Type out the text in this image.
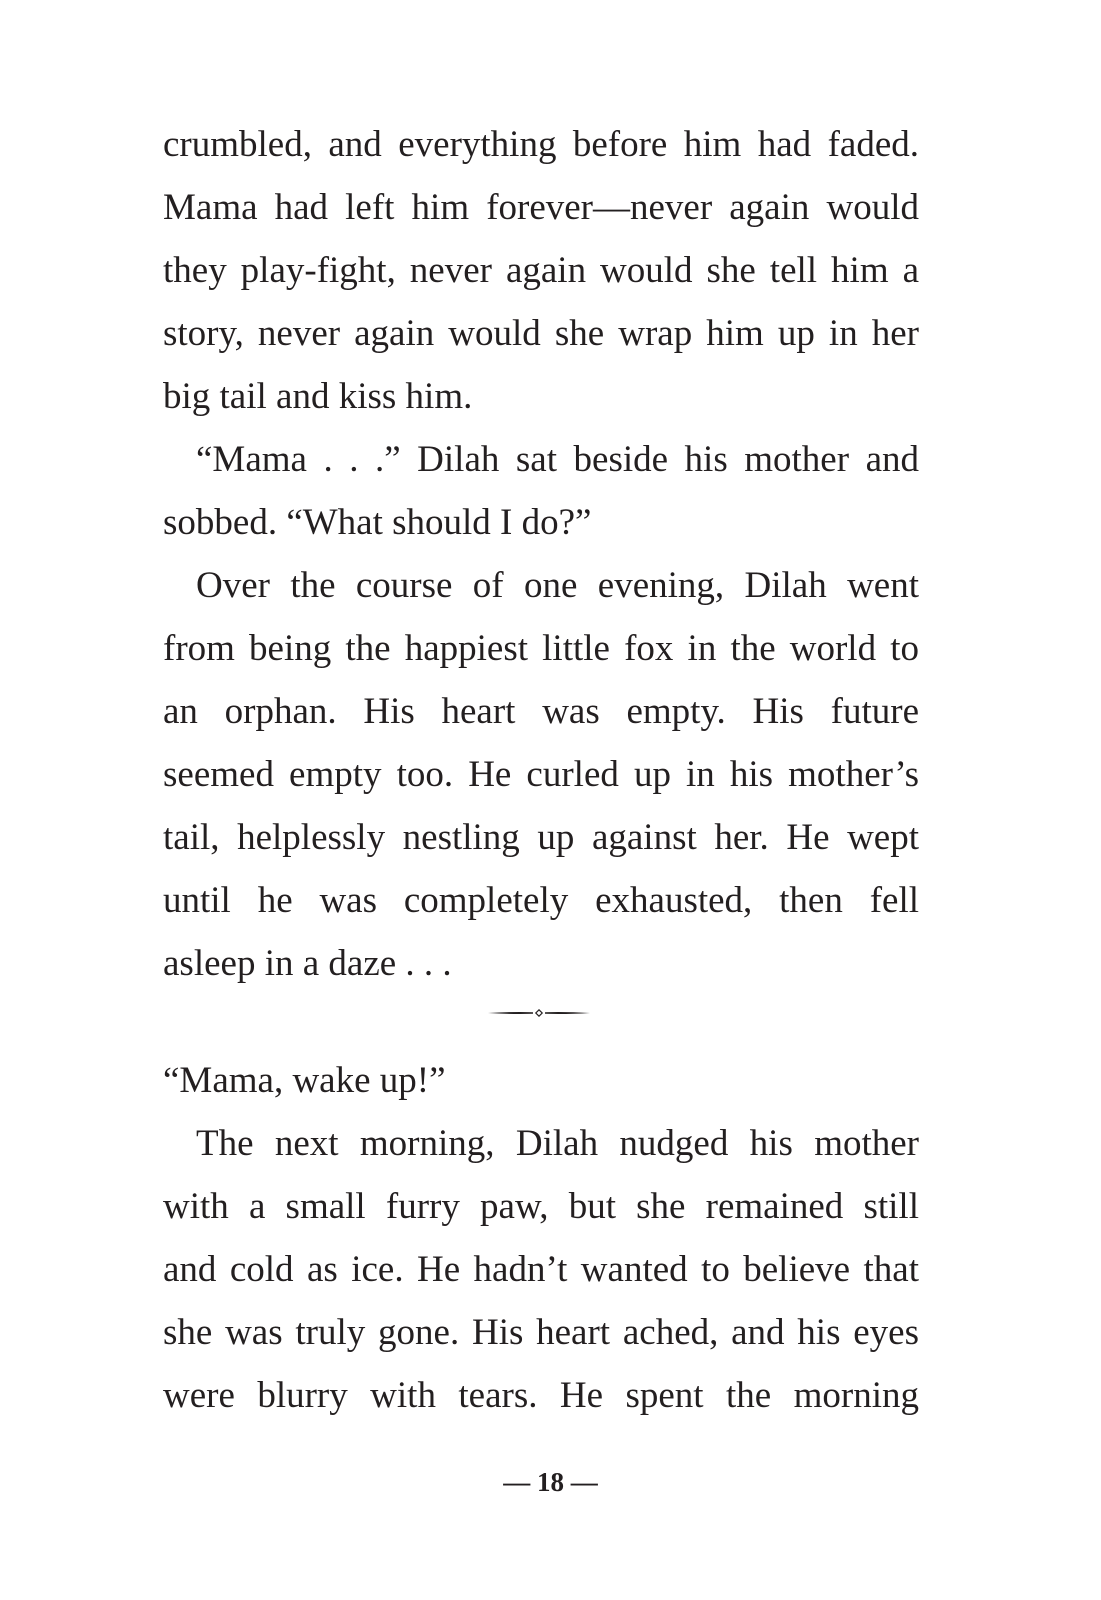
crumbled, and everything before him had faded.
Mama had left him forever—never again would
they play-fight, never again would she tell him a
story, never again would she wrap him up in her
big tail and kiss him.
“Mama . . .” Dilah sat beside his mother and
sobbed. “What should I do?”
Over the course of one evening, Dilah went
from being the happiest little fox in the world to
an orphan. His heart was empty. His future
seemed empty too. He curled up in his mother’s
tail, helplessly nestling up against her. He wept
until he was completely exhausted, then fell
asleep in a daze . . .
“Mama, wake up!”
The next morning, Dilah nudged his mother
with a small furry paw, but she remained still
and cold as ice. He hadn’t wanted to believe that
she was truly gone. His heart ached, and his eyes
were blurry with tears. He spent the morning
— 18 —
